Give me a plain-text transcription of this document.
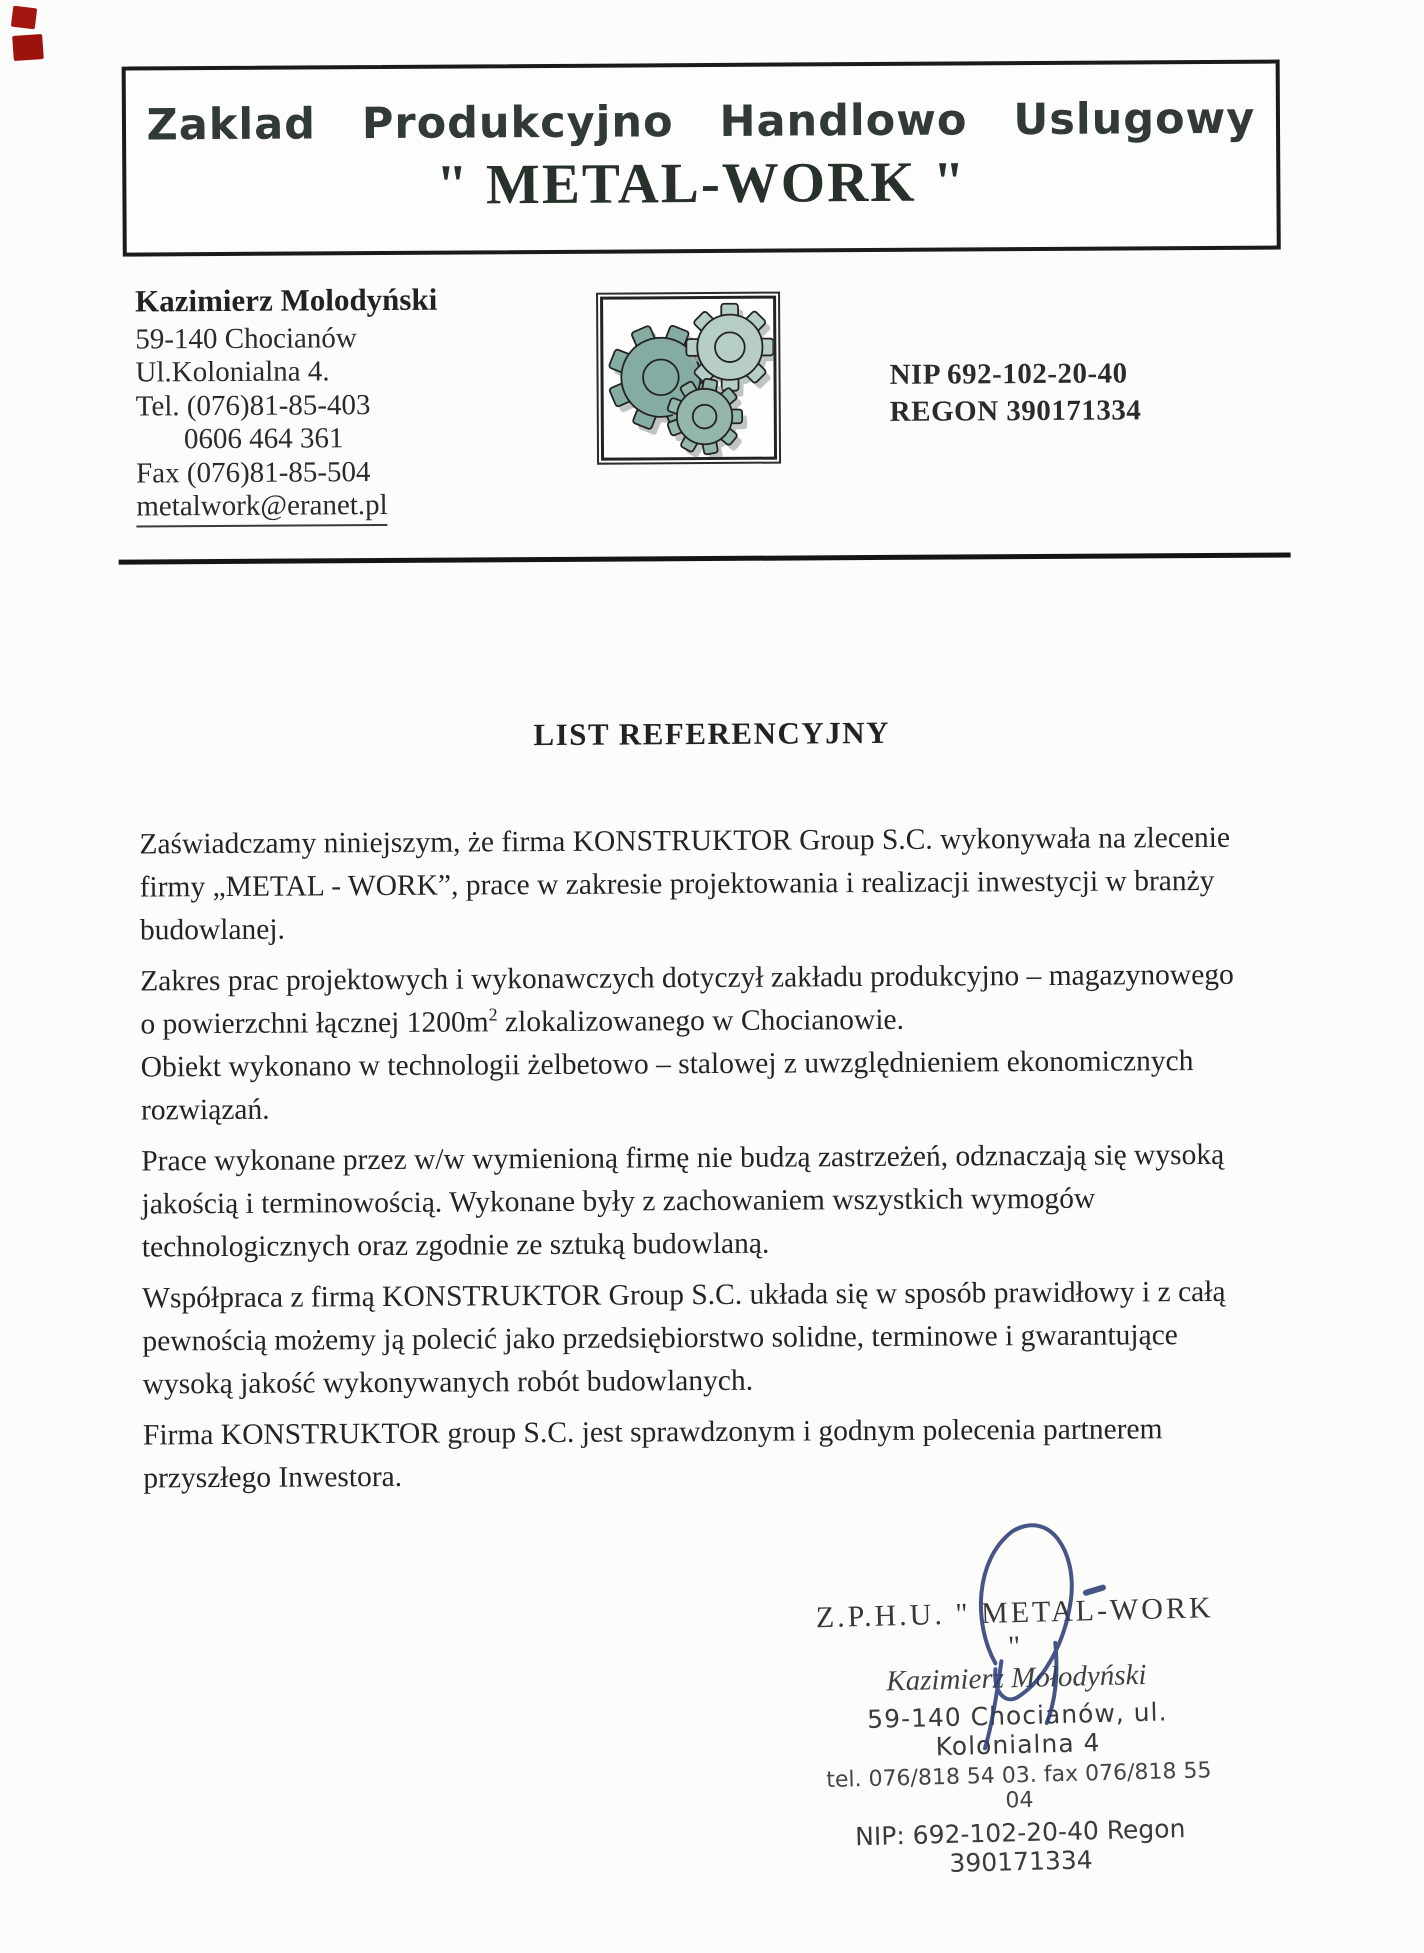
Zaklad Produkcyjno Handlowo Uslugowy
" METAL-WORK "
Kazimierz Molodyński
59-140 Chocianów
Ul.Kolonialna 4.
Tel. (076)81-85-403
0606 464 361
Fax (076)81-85-504
metalwork@eranet.pl
NIP 692-102-20-40
REGON 390171334
LIST REFERENCYJNY

Zaświadczamy niniejszym, że firma KONSTRUKTOR Group S.C. wykonywała na zlecenie
firmy „METAL - WORK”, prace w zakresie projektowania i realizacji inwestycji w branży
budowlanej.

Zakres prac projektowych i wykonawczych dotyczył zakładu produkcyjno – magazynowego
o powierzchni łącznej $1200m^2$ zlokalizowanego w Chocianowie.
Obiekt wykonano w technologii żelbetowo – stalowej z uwzględnieniem ekonomicznych
rozwiązań.

Prace wykonane przez w/w wymienioną firmę nie budzą zastrzeżeń, odznaczają się wysoką
jakością i terminowością. Wykonane były z zachowaniem wszystkich wymogów
technologicznych oraz zgodnie ze sztuką budowlaną.

Współpraca z firmą KONSTRUKTOR Group S.C. układa się w sposób prawidłowy i z całą
pewnością możemy ją polecić jako przedsiębiorstwo solidne, terminowe i gwarantujące
wysoką jakość wykonywanych robót budowlanych.

Firma KONSTRUKTOR group S.C. jest sprawdzonym i godnym polecenia partnerem
przyszłego Inwestora.

Z.P.H.U. " METAL-WORK "
Kazimierz Mołodyński
59-140 Chocianów, ul. Kolonialna 4
tel. 076/818 54 03. fax 076/818 55 04
NIP: 692-102-20-40 Regon 390171334
